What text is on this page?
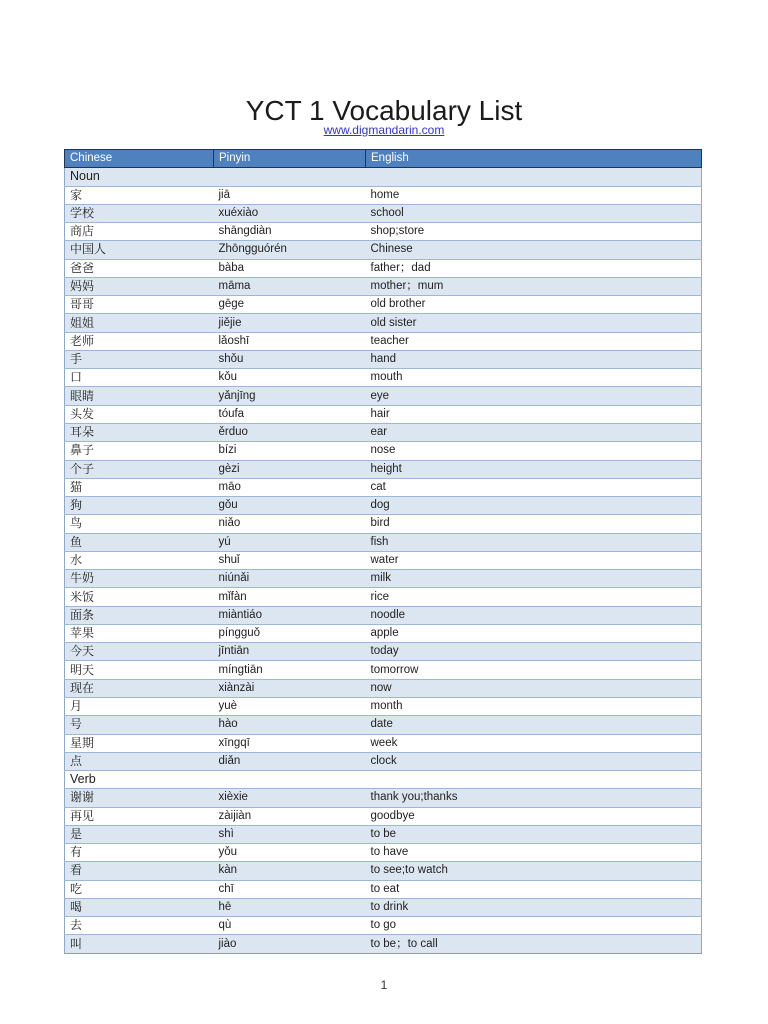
YCT 1 Vocabulary List
www.digmandarin.com
Chinese	Pinyin	English
Noun		
家	jiā	home
学校	xuéxiào	school
商店	shāngdiàn	shop;store
中国人	Zhōngguórén	Chinese
爸爸	bàba	father；dad
妈妈	māma	mother；mum
哥哥	gēge	old brother
姐姐	jiějie	old sister
老师	lǎoshī	teacher
手	shǒu	hand
口	kǒu	mouth
眼睛	yǎnjīng	eye
头发	tóufa	hair
耳朵	ěrduo	ear
鼻子	bízi	nose
个子	gèzi	height
猫	māo	cat
狗	gǒu	dog
鸟	niǎo	bird
鱼	yú	fish
水	shuǐ	water
牛奶	niúnǎi	milk
米饭	mǐfàn	rice
面条	miàntiáo	noodle
苹果	píngguǒ	apple
今天	jīntiān	today
明天	míngtiān	tomorrow
现在	xiànzài	now
月	yuè	month
号	hào	date
星期	xīngqī	week
点	diǎn	clock
Verb		
谢谢	xièxie	thank you;thanks
再见	zàijiàn	goodbye
是	shì	to be
有	yǒu	to have
看	kàn	to see;to watch
吃	chī	to eat
喝	hē	to drink
去	qù	to go
叫	jiào	to be；to call
1
